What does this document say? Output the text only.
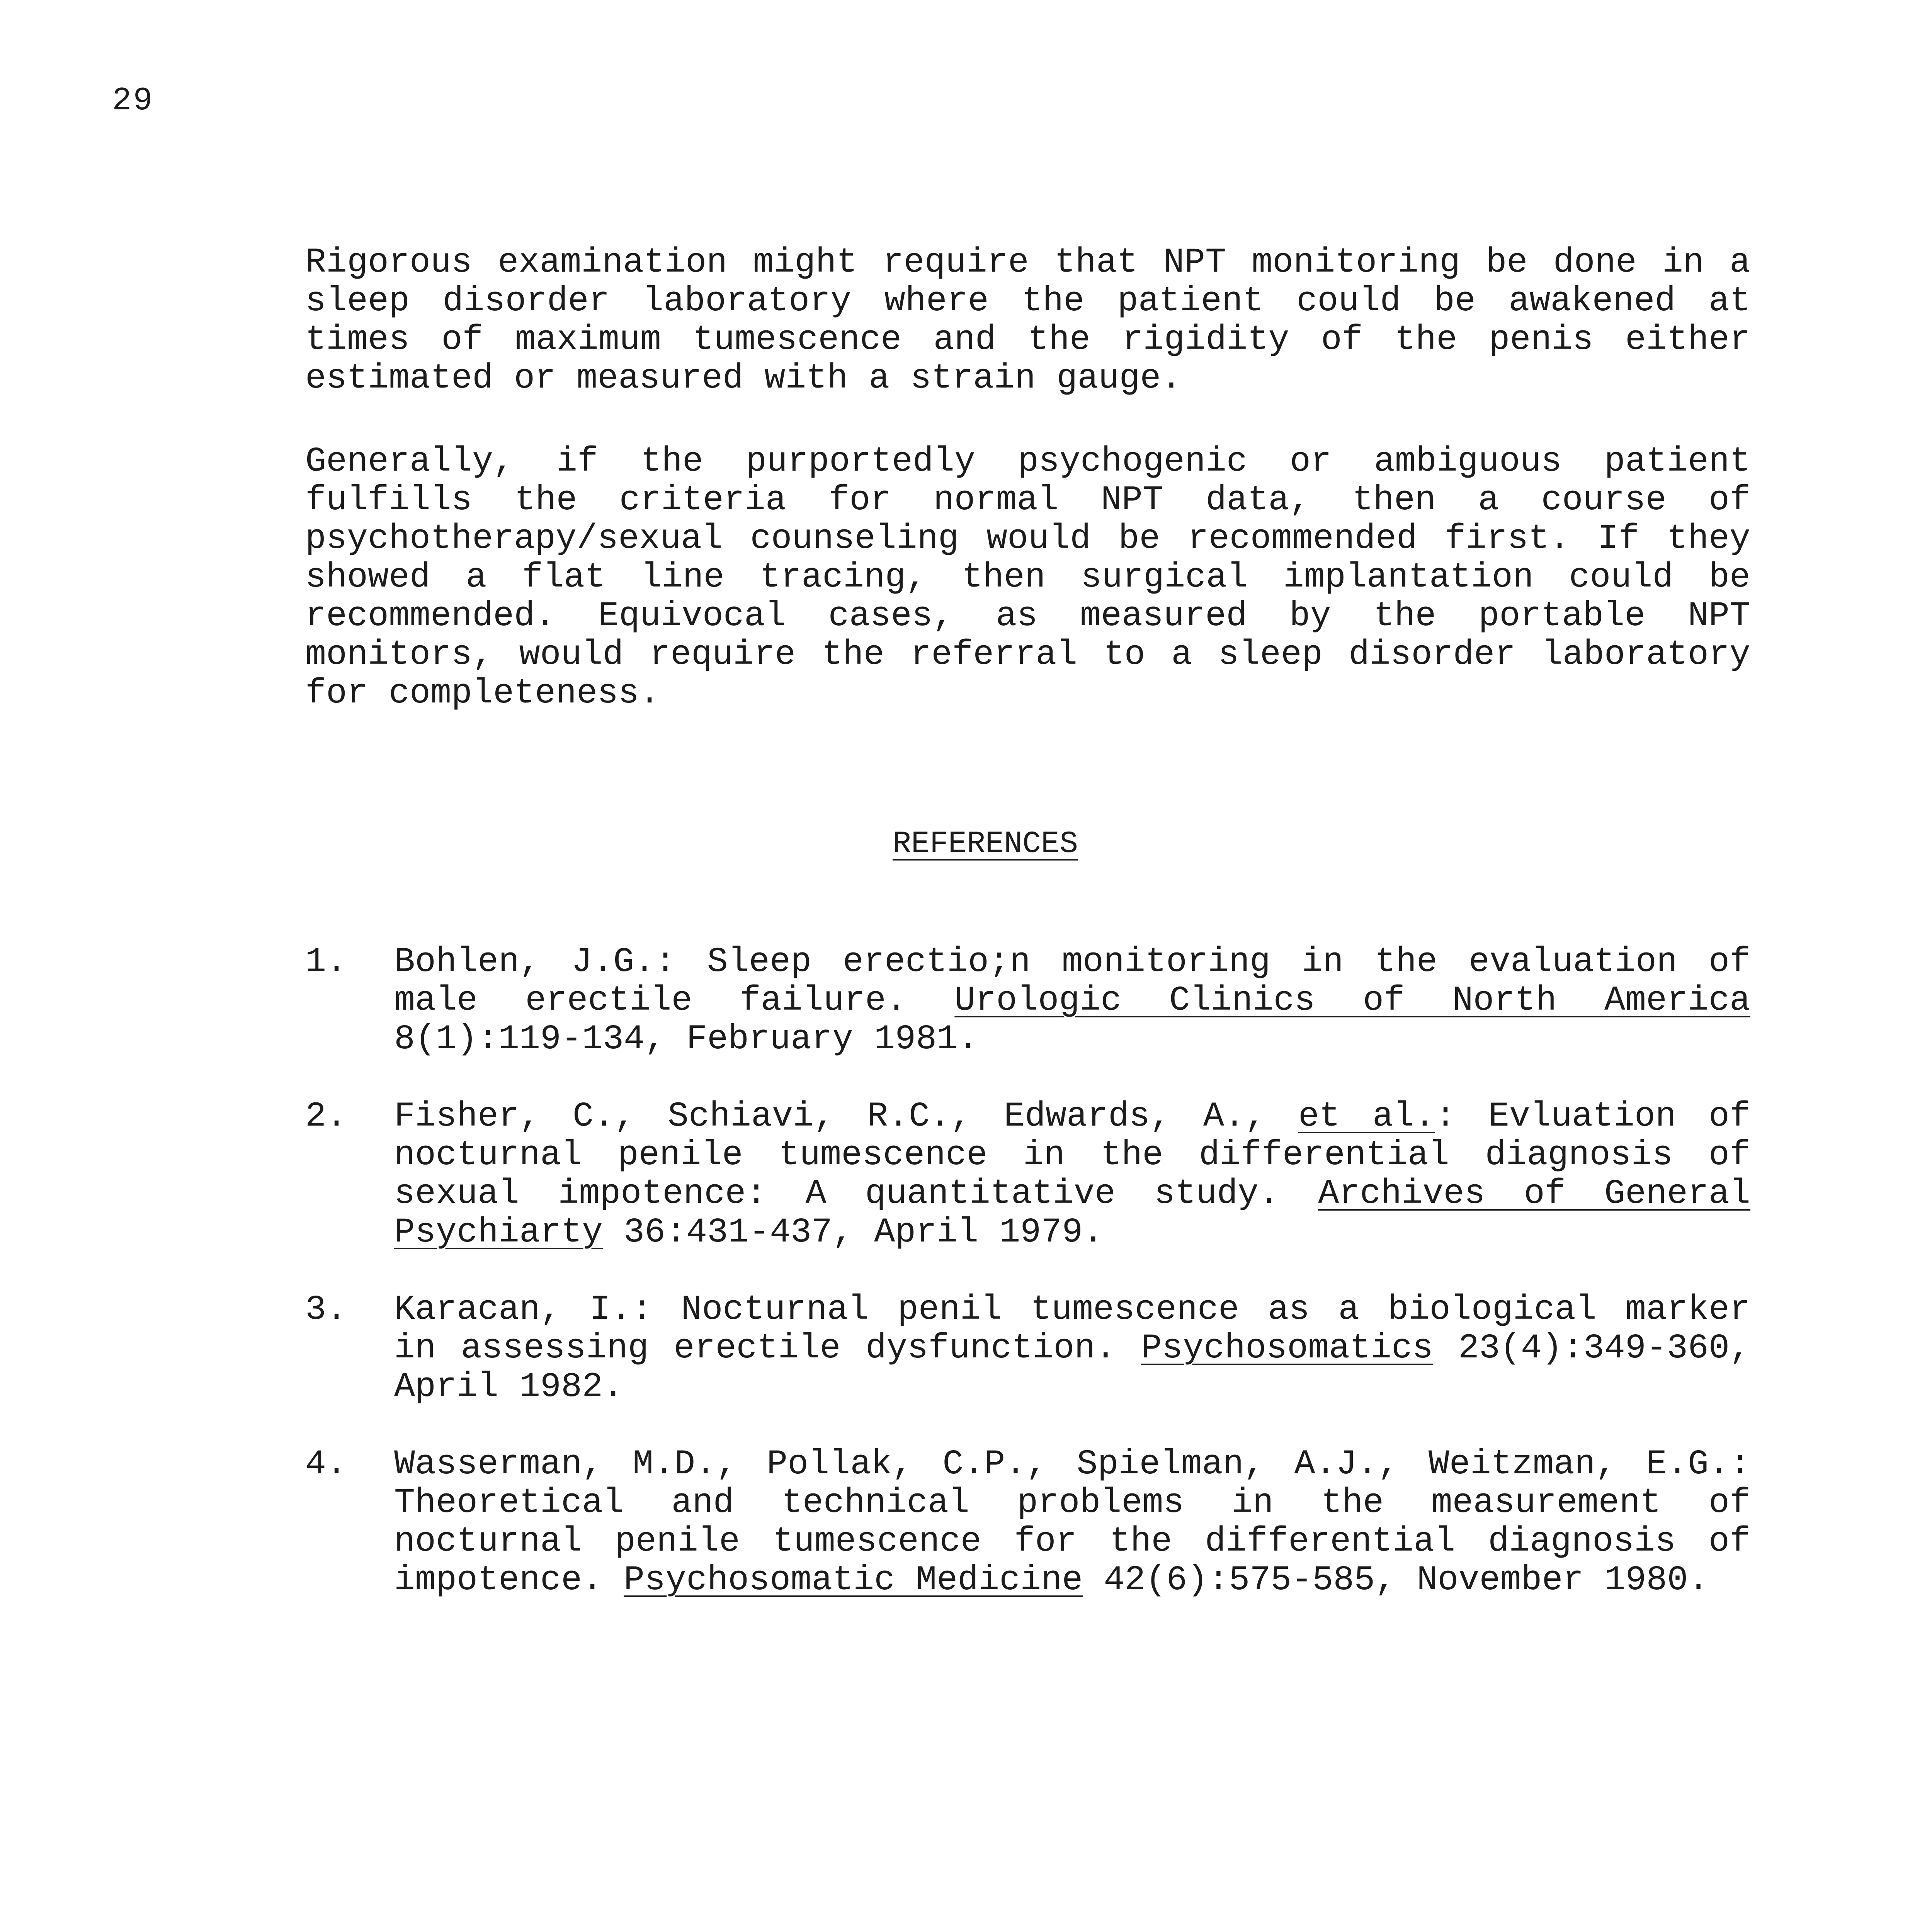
29

Rigorous examination might require that NPT monitoring be done in a sleep disorder laboratory where the patient could be awakened at times of maximum tumescence and the rigidity of the penis either estimated or measured with a strain gauge.

Generally, if the purportedly psychogenic or ambiguous patient fulfills the criteria for normal NPT data, then a course of psychotherapy/sexual counseling would be recommended first. If they showed a flat line tracing, then surgical implantation could be recommended. Equivocal cases, as measured by the portable NPT monitors, would require the referral to a sleep disorder laboratory for completeness.

REFERENCES
1.	Bohlen, J.G.: Sleep erectio;n monitoring in the evaluation of male erectile failure. Urologic Clinics of North America 8(1):119-134, February 1981.
2.	Fisher, C., Schiavi, R.C., Edwards, A., et al.: Evluation of nocturnal penile tumescence in the differential diagnosis of sexual impotence: A quantitative study. Archives of General Psychiarty 36:431-437, April 1979.
3.	Karacan, I.: Nocturnal penil tumescence as a biological marker in assessing erectile dysfunction. Psychosomatics 23(4):349-360, April 1982.
4.	Wasserman, M.D., Pollak, C.P., Spielman, A.J., Weitzman, E.G.: Theoretical and technical problems in the measurement of nocturnal penile tumescence for the differential diagnosis of impotence. Psychosomatic Medicine 42(6):575-585, November 1980.
